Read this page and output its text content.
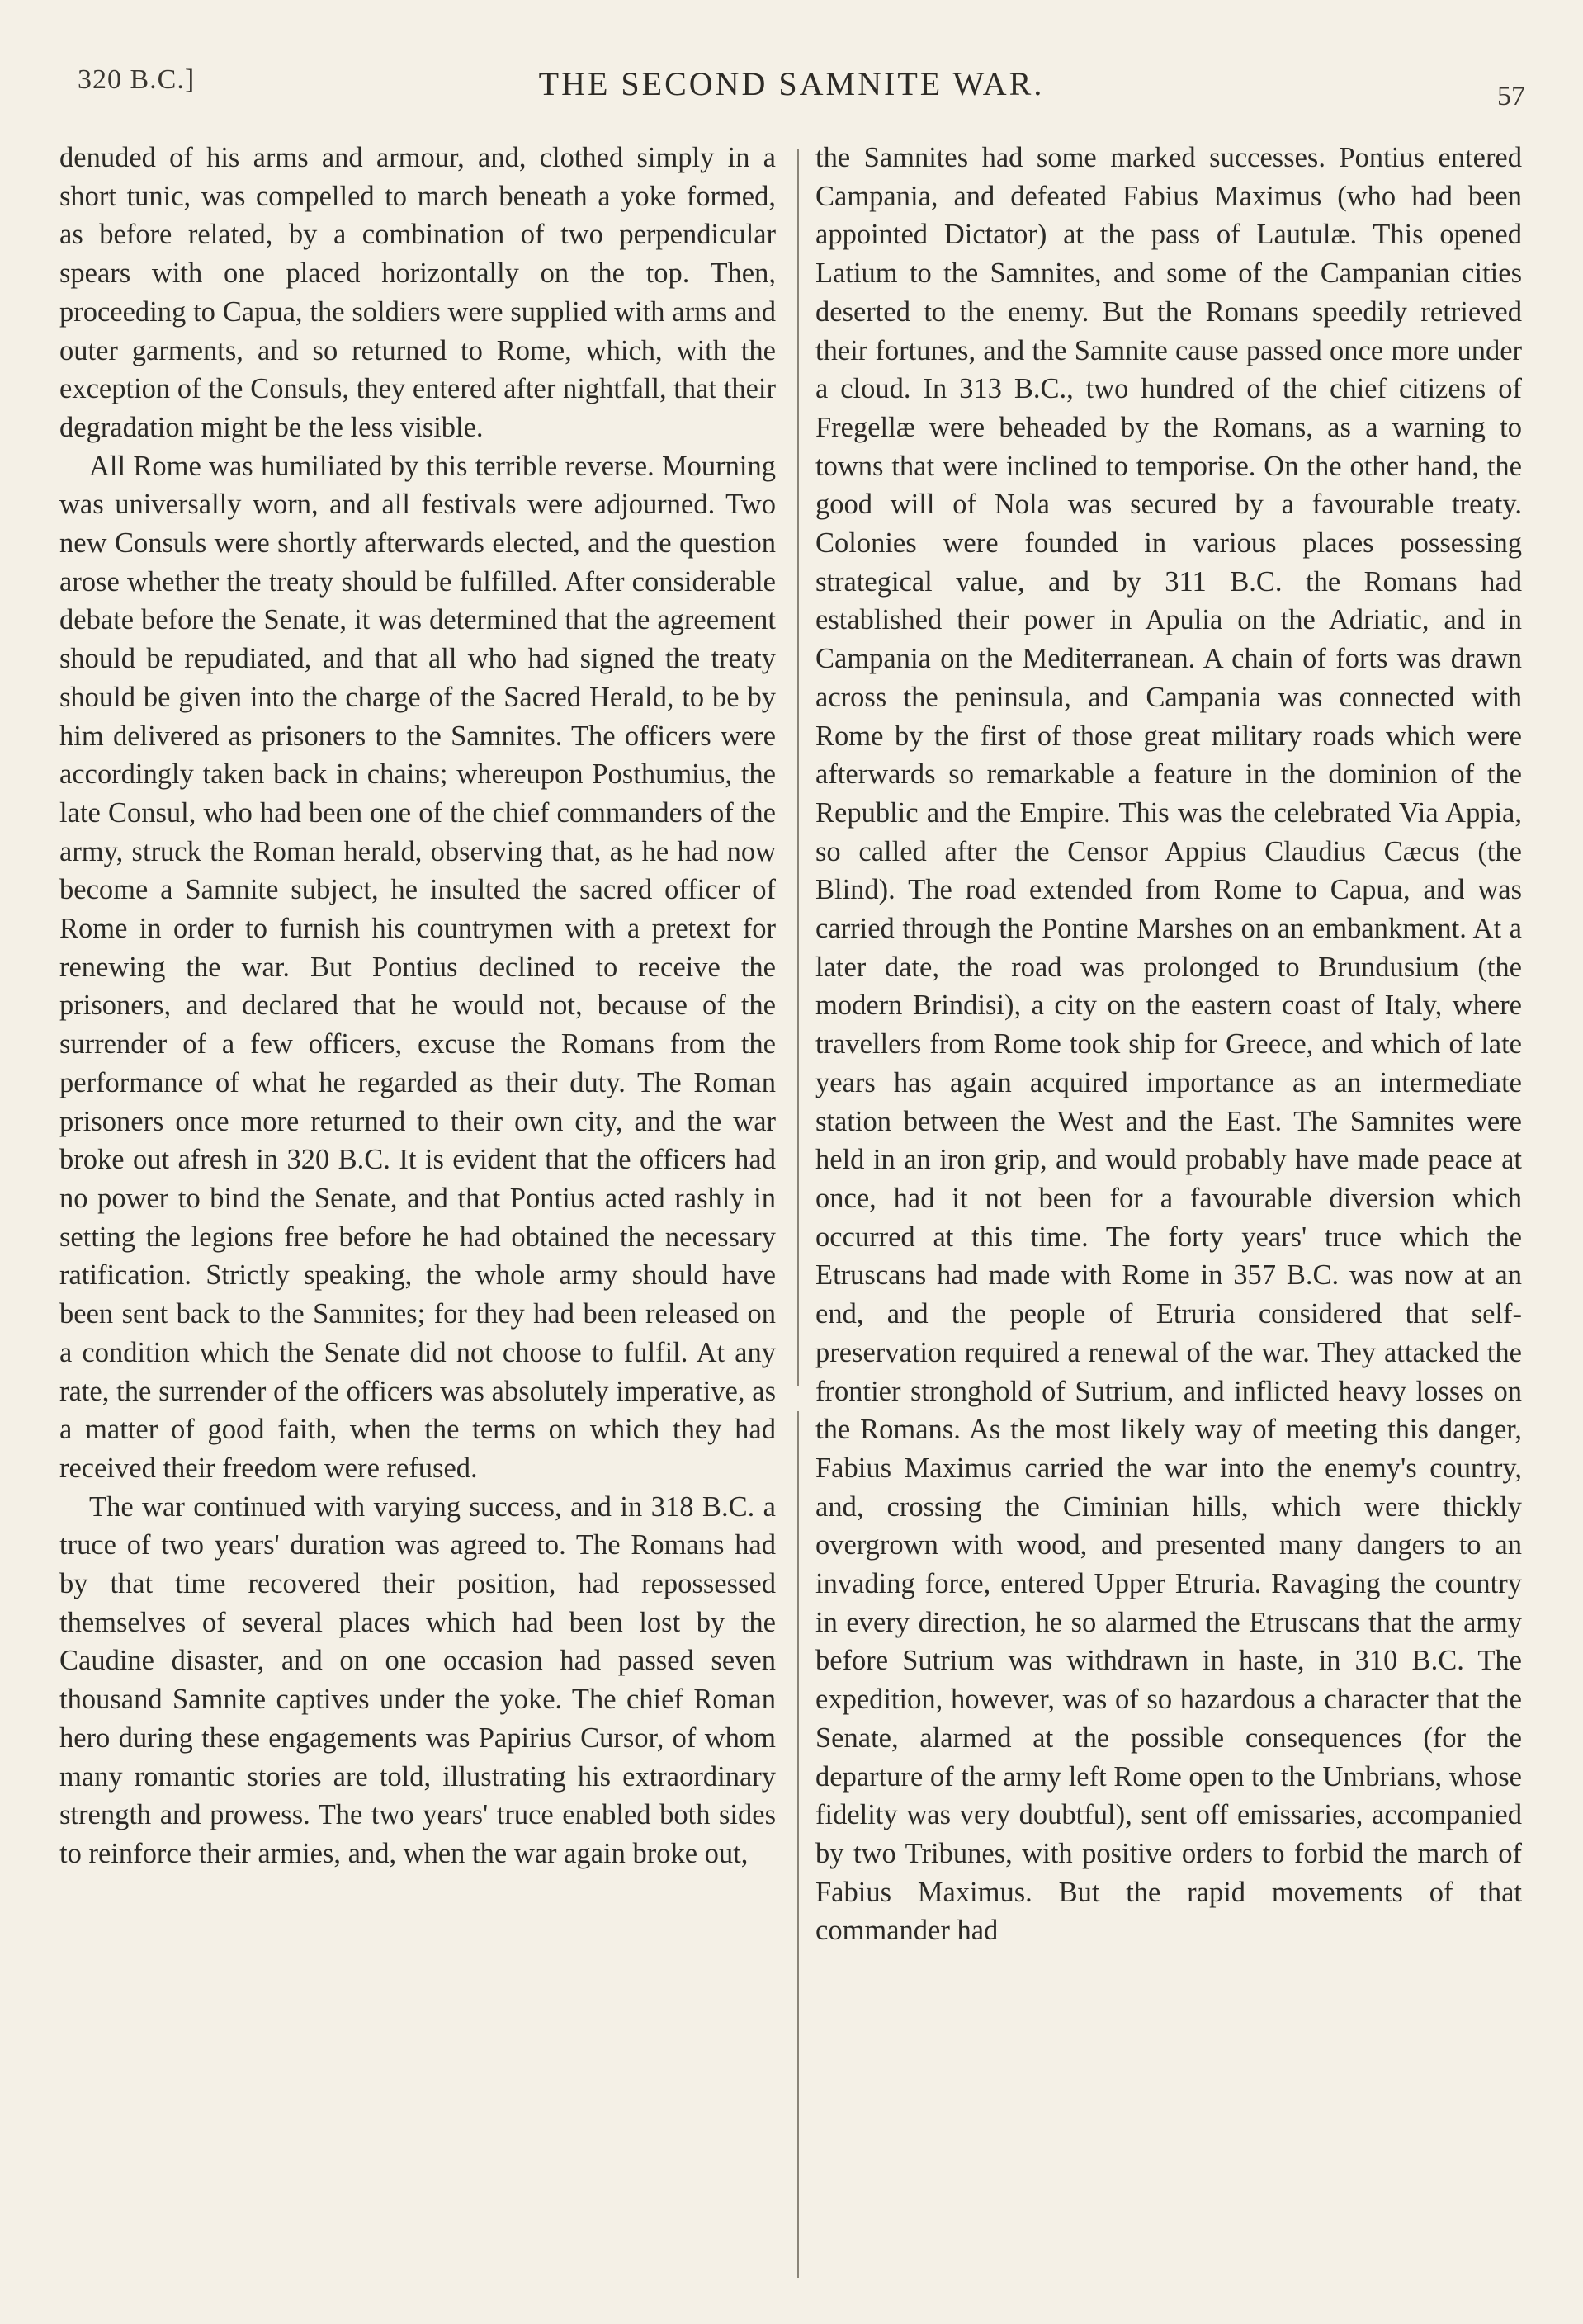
320 B.C.]	THE SECOND SAMNITE WAR.	57

denuded of his arms and armour, and, clothed simply in a short tunic, was compelled to march beneath a yoke formed, as before related, by a combination of two perpendicular spears with one placed horizontally on the top. Then, proceeding to Capua, the soldiers were supplied with arms and outer garments, and so returned to Rome, which, with the exception of the Consuls, they entered after nightfall, that their degradation might be the less visible.

All Rome was humiliated by this terrible reverse. Mourning was universally worn, and all festivals were adjourned. Two new Consuls were shortly afterwards elected, and the question arose whether the treaty should be fulfilled. After considerable debate before the Senate, it was determined that the agreement should be repudiated, and that all who had signed the treaty should be given into the charge of the Sacred Herald, to be by him delivered as prisoners to the Samnites. The officers were accordingly taken back in chains; whereupon Posthumius, the late Consul, who had been one of the chief commanders of the army, struck the Roman herald, observing that, as he had now become a Samnite subject, he insulted the sacred officer of Rome in order to furnish his countrymen with a pretext for renewing the war. But Pontius declined to receive the prisoners, and declared that he would not, because of the surrender of a few officers, excuse the Romans from the performance of what he regarded as their duty. The Roman prisoners once more returned to their own city, and the war broke out afresh in 320 B.C. It is evident that the officers had no power to bind the Senate, and that Pontius acted rashly in setting the legions free before he had obtained the necessary ratification. Strictly speaking, the whole army should have been sent back to the Samnites; for they had been released on a condition which the Senate did not choose to fulfil. At any rate, the surrender of the officers was absolutely imperative, as a matter of good faith, when the terms on which they had received their freedom were refused.

The war continued with varying success, and in 318 B.C. a truce of two years' duration was agreed to. The Romans had by that time recovered their position, had repossessed themselves of several places which had been lost by the Caudine disaster, and on one occasion had passed seven thousand Samnite captives under the yoke. The chief Roman hero during these engagements was Papirius Cursor, of whom many romantic stories are told, illustrating his extraordinary strength and prowess. The two years' truce enabled both sides to reinforce their armies, and, when the war again broke out,

the Samnites had some marked successes. Pontius entered Campania, and defeated Fabius Maximus (who had been appointed Dictator) at the pass of Lautulæ. This opened Latium to the Samnites, and some of the Campanian cities deserted to the enemy. But the Romans speedily retrieved their fortunes, and the Samnite cause passed once more under a cloud. In 313 B.C., two hundred of the chief citizens of Fregellæ were beheaded by the Romans, as a warning to towns that were inclined to temporise. On the other hand, the good will of Nola was secured by a favourable treaty. Colonies were founded in various places possessing strategical value, and by 311 B.C. the Romans had established their power in Apulia on the Adriatic, and in Campania on the Mediterranean. A chain of forts was drawn across the peninsula, and Campania was connected with Rome by the first of those great military roads which were afterwards so remarkable a feature in the dominion of the Republic and the Empire. This was the celebrated Via Appia, so called after the Censor Appius Claudius Cæcus (the Blind). The road extended from Rome to Capua, and was carried through the Pontine Marshes on an embankment. At a later date, the road was prolonged to Brundusium (the modern Brindisi), a city on the eastern coast of Italy, where travellers from Rome took ship for Greece, and which of late years has again acquired importance as an intermediate station between the West and the East. The Samnites were held in an iron grip, and would probably have made peace at once, had it not been for a favourable diversion which occurred at this time. The forty years' truce which the Etruscans had made with Rome in 357 B.C. was now at an end, and the people of Etruria considered that self-preservation required a renewal of the war. They attacked the frontier stronghold of Sutrium, and inflicted heavy losses on the Romans. As the most likely way of meeting this danger, Fabius Maximus carried the war into the enemy's country, and, crossing the Ciminian hills, which were thickly overgrown with wood, and presented many dangers to an invading force, entered Upper Etruria. Ravaging the country in every direction, he so alarmed the Etruscans that the army before Sutrium was withdrawn in haste, in 310 B.C. The expedition, however, was of so hazardous a character that the Senate, alarmed at the possible consequences (for the departure of the army left Rome open to the Umbrians, whose fidelity was very doubtful), sent off emissaries, accompanied by two Tribunes, with positive orders to forbid the march of Fabius Maximus. But the rapid movements of that commander had
